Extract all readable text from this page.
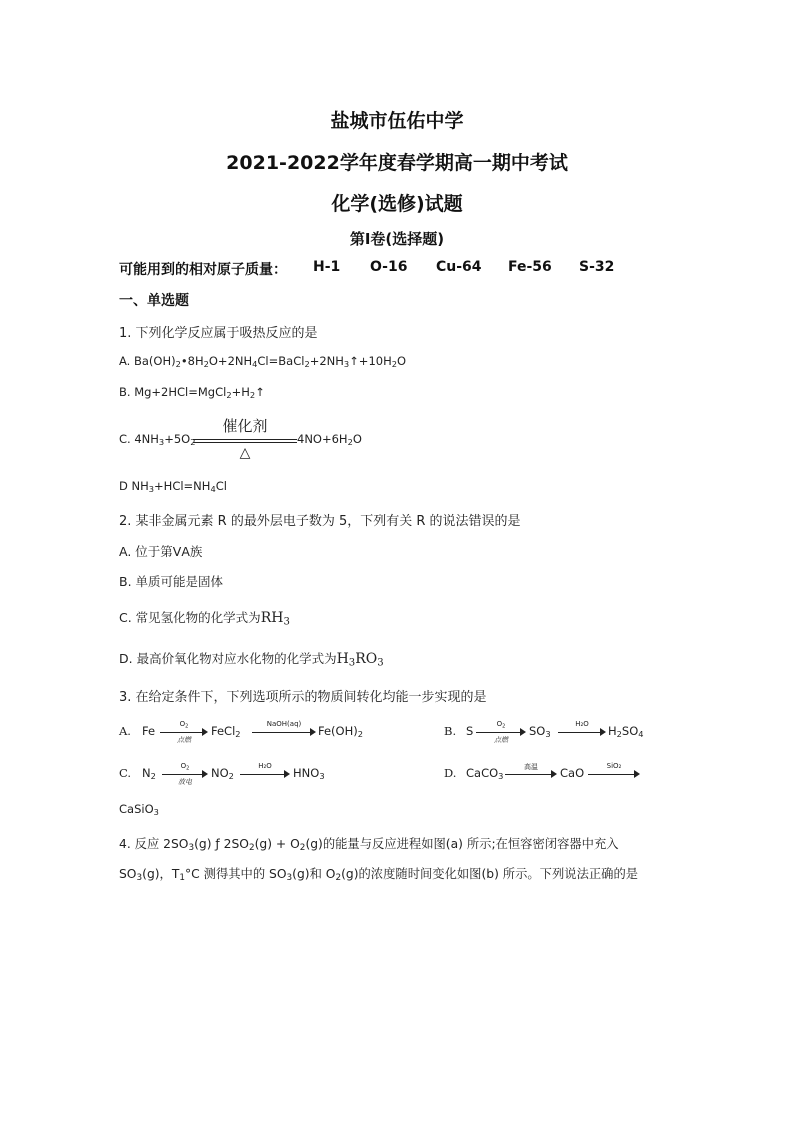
盐城市伍佑中学
2021-2022学年度春学期高一期中考试
化学(选修)试题
第Ⅰ卷(选择题)
可能用到的相对原子质量： H-1 O-16 Cu-64 Fe-56 S-32
一、单选题
1. 下列化学反应属于吸热反应的是
A. $Ba(OH)_2•8H_2O+2NH_4Cl=BaCl_2+2NH_3↑+10H_2O$
B. $Mg+2HCl=MgCl_2+H_2↑$
C. $4NH_3+5O_2$
催化剂
△
$4NO+6H_2O$
D $NH_3+HCl=NH_4Cl$
2. 某非金属元素 R 的最外层电子数为 5，下列有关 R 的说法错误的是
A. 位于第ⅤA族
B. 单质可能是固体
C. 常见氢化物的化学式为$RH_3$
D. 最高价氧化物对应水化物的化学式为$H_3RO_3$
3. 在给定条件下，下列选项所示的物质间转化均能一步实现的是
A. Fe	$O_2$
点燃
FeCl$_2$
NaOH(aq)	$Fe(OH)_2$	B. S	$O_2$
点燃
$SO_3$
H₂O	$H_2SO_4$
C. $N_2$
$O_2$
放电
$NO_2$
H₂O	$HNO_3$	D. CaCO$_3$
高温	CaO	SiO₂
CaSiO$_3$
4. 反应 $2SO_3(g)$ ƒ $2SO_2(g) + O_2(g)$的能量与反应进程如图(a) 所示;在恒容密闭容器中充入
$SO_3(g)$，$T_1^\circ C$ 测得其中的 $SO_3(g)$和 $O_2(g)$的浓度随时间变化如图(b) 所示。下列说法正确的是
